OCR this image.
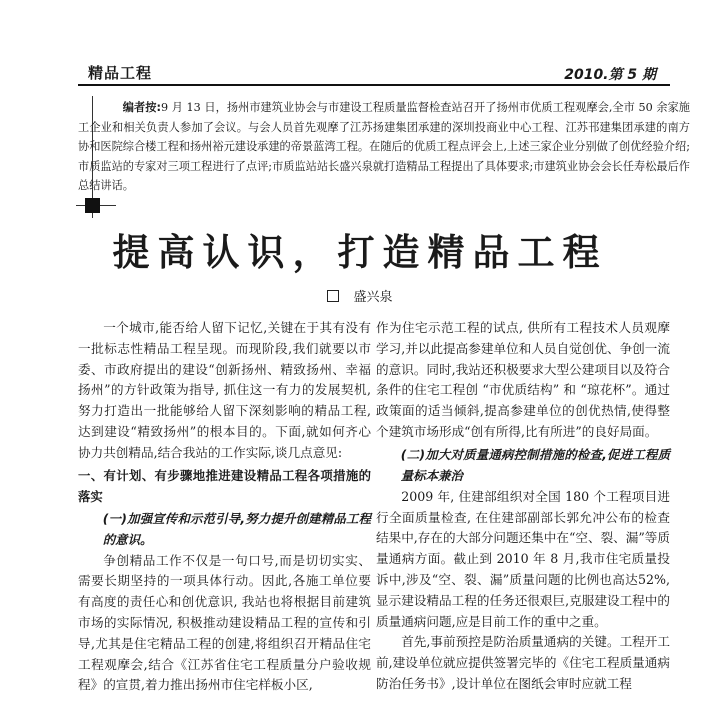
精品工程	2010.第 5 期
编者按:9 月 13 日，扬州市建筑业协会与市建设工程质量监督检查站召开了扬州市优质工程观摩会,全市 50 余家施工企业和相关负责人参加了会议。与会人员首先观摩了江苏扬建集团承建的深圳投商业中心工程、江苏邗建集团承建的南方协和医院综合楼工程和扬州裕元建设承建的帝景蓝湾工程。在随后的优质工程点评会上,上述三家企业分别做了创优经验介绍;市质监站的专家对三项工程进行了点评;市质监站站长盛兴泉就打造精品工程提出了具体要求;市建筑业协会会长任寿松最后作总结讲话。
提高认识，打造精品工程
盛兴泉

一个城市,能否给人留下记忆,关键在于其有没有一批标志性精品工程呈现。而现阶段,我们就要以市委、市政府提出的建设“创新扬州、精致扬州、幸福扬州”的方针政策为指导, 抓住这一有力的发展契机, 努力打造出一批能够给人留下深刻影响的精品工程,达到建设“精致扬州”的根本目的。下面,就如何齐心协力共创精品,结合我站的工作实际,谈几点意见:

一、有计划、有步骤地推进建设精品工程各项措施的落实
(一)加强宣传和示范引导,努力提升创建精品工程的意识。

争创精品工作不仅是一句口号,而是切切实实、需要长期坚持的一项具体行动。因此,各施工单位要有高度的责任心和创优意识, 我站也将根据目前建筑市场的实际情况, 积极推动建设精品工程的宣传和引导,尤其是住宅精品工程的创建,将组织召开精品住宅工程观摩会,结合《江苏省住宅工程质量分户验收规程》的宣贯,着力推出扬州市住宅样板小区,

作为住宅示范工程的试点, 供所有工程技术人员观摩学习,并以此提高参建单位和人员自觉创优、争创一流的意识。同时,我站还积极要求大型公建项目以及符合条件的住宅工程创 “市优质结构” 和 “琼花杯”。通过政策面的适当倾斜,提高参建单位的创优热情,使得整个建筑市场形成“创有所得,比有所进”的良好局面。

(二)加大对质量通病控制措施的检查,促进工程质量标本兼治

2009 年, 住建部组织对全国 180 个工程项目进行全面质量检查, 在住建部副部长郭允冲公布的检查结果中,存在的大部分问题还集中在“空、裂、漏”等质量通病方面。截止到 2010 年 8 月,我市住宅质量投诉中,涉及“空、裂、漏”质量问题的比例也高达52%,显示建设精品工程的任务还很艰巨,克服建设工程中的质量通病问题,应是目前工作的重中之重。

首先,事前预控是防治质量通病的关键。工程开工前,建设单位就应提供签署完毕的《住宅工程质量通病防治任务书》,设计单位在图纸会审时应就工程
